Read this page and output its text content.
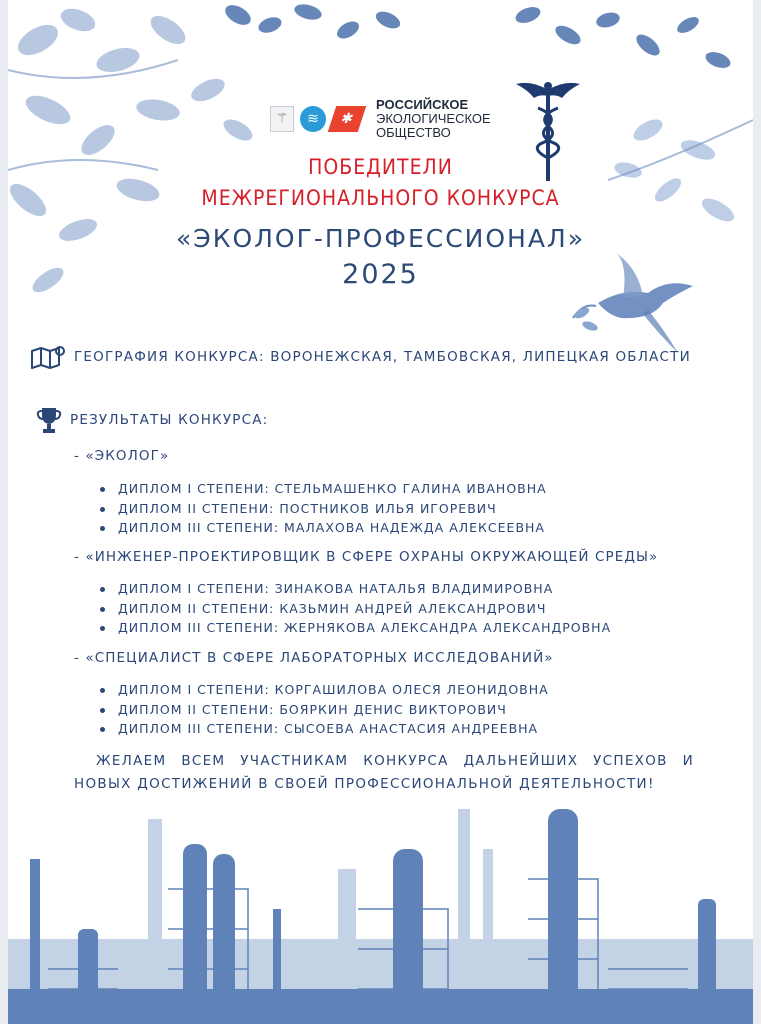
⚚	≋	✱
РОССИЙСКОЕ
ЭКОЛОГИЧЕСКОЕ
ОБЩЕСТВО
ПОБЕДИТЕЛИ
МЕЖРЕГИОНАЛЬНОГО КОНКУРСА
«ЭКОЛОГ-ПРОФЕССИОНАЛ»
2025
ГЕОГРАФИЯ КОНКУРСА: ВОРОНЕЖСКАЯ, ТАМБОВСКАЯ, ЛИПЕЦКАЯ ОБЛАСТИ
РЕЗУЛЬТАТЫ КОНКУРСА:
- «ЭКОЛОГ»
ДИПЛОМ I СТЕПЕНИ: СТЕЛЬМАШЕНКО ГАЛИНА ИВАНОВНА
ДИПЛОМ II СТЕПЕНИ: ПОСТНИКОВ ИЛЬЯ ИГОРЕВИЧ
ДИПЛОМ III СТЕПЕНИ: МАЛАХОВА НАДЕЖДА АЛЕКСЕЕВНА
- «ИНЖЕНЕР-ПРОЕКТИРОВЩИК В СФЕРЕ ОХРАНЫ ОКРУЖАЮЩЕЙ СРЕДЫ»
ДИПЛОМ I СТЕПЕНИ: ЗИНАКОВА НАТАЛЬЯ ВЛАДИМИРОВНА
ДИПЛОМ II СТЕПЕНИ: КАЗЬМИН АНДРЕЙ АЛЕКСАНДРОВИЧ
ДИПЛОМ III СТЕПЕНИ: ЖЕРНЯКОВА АЛЕКСАНДРА АЛЕКСАНДРОВНА
- «СПЕЦИАЛИСТ В СФЕРЕ ЛАБОРАТОРНЫХ ИССЛЕДОВАНИЙ»
ДИПЛОМ I СТЕПЕНИ: КОРГАШИЛОВА ОЛЕСЯ ЛЕОНИДОВНА
ДИПЛОМ II СТЕПЕНИ: БОЯРКИН ДЕНИС ВИКТОРОВИЧ
ДИПЛОМ III СТЕПЕНИ: СЫСОЕВА АНАСТАСИЯ АНДРЕЕВНА
ЖЕЛАЕМ ВСЕМ УЧАСТНИКАМ КОНКУРСА ДАЛЬНЕЙШИХ УСПЕХОВ И НОВЫХ ДОСТИЖЕНИЙ В СВОЕЙ ПРОФЕССИОНАЛЬНОЙ ДЕЯТЕЛЬНОСТИ!
